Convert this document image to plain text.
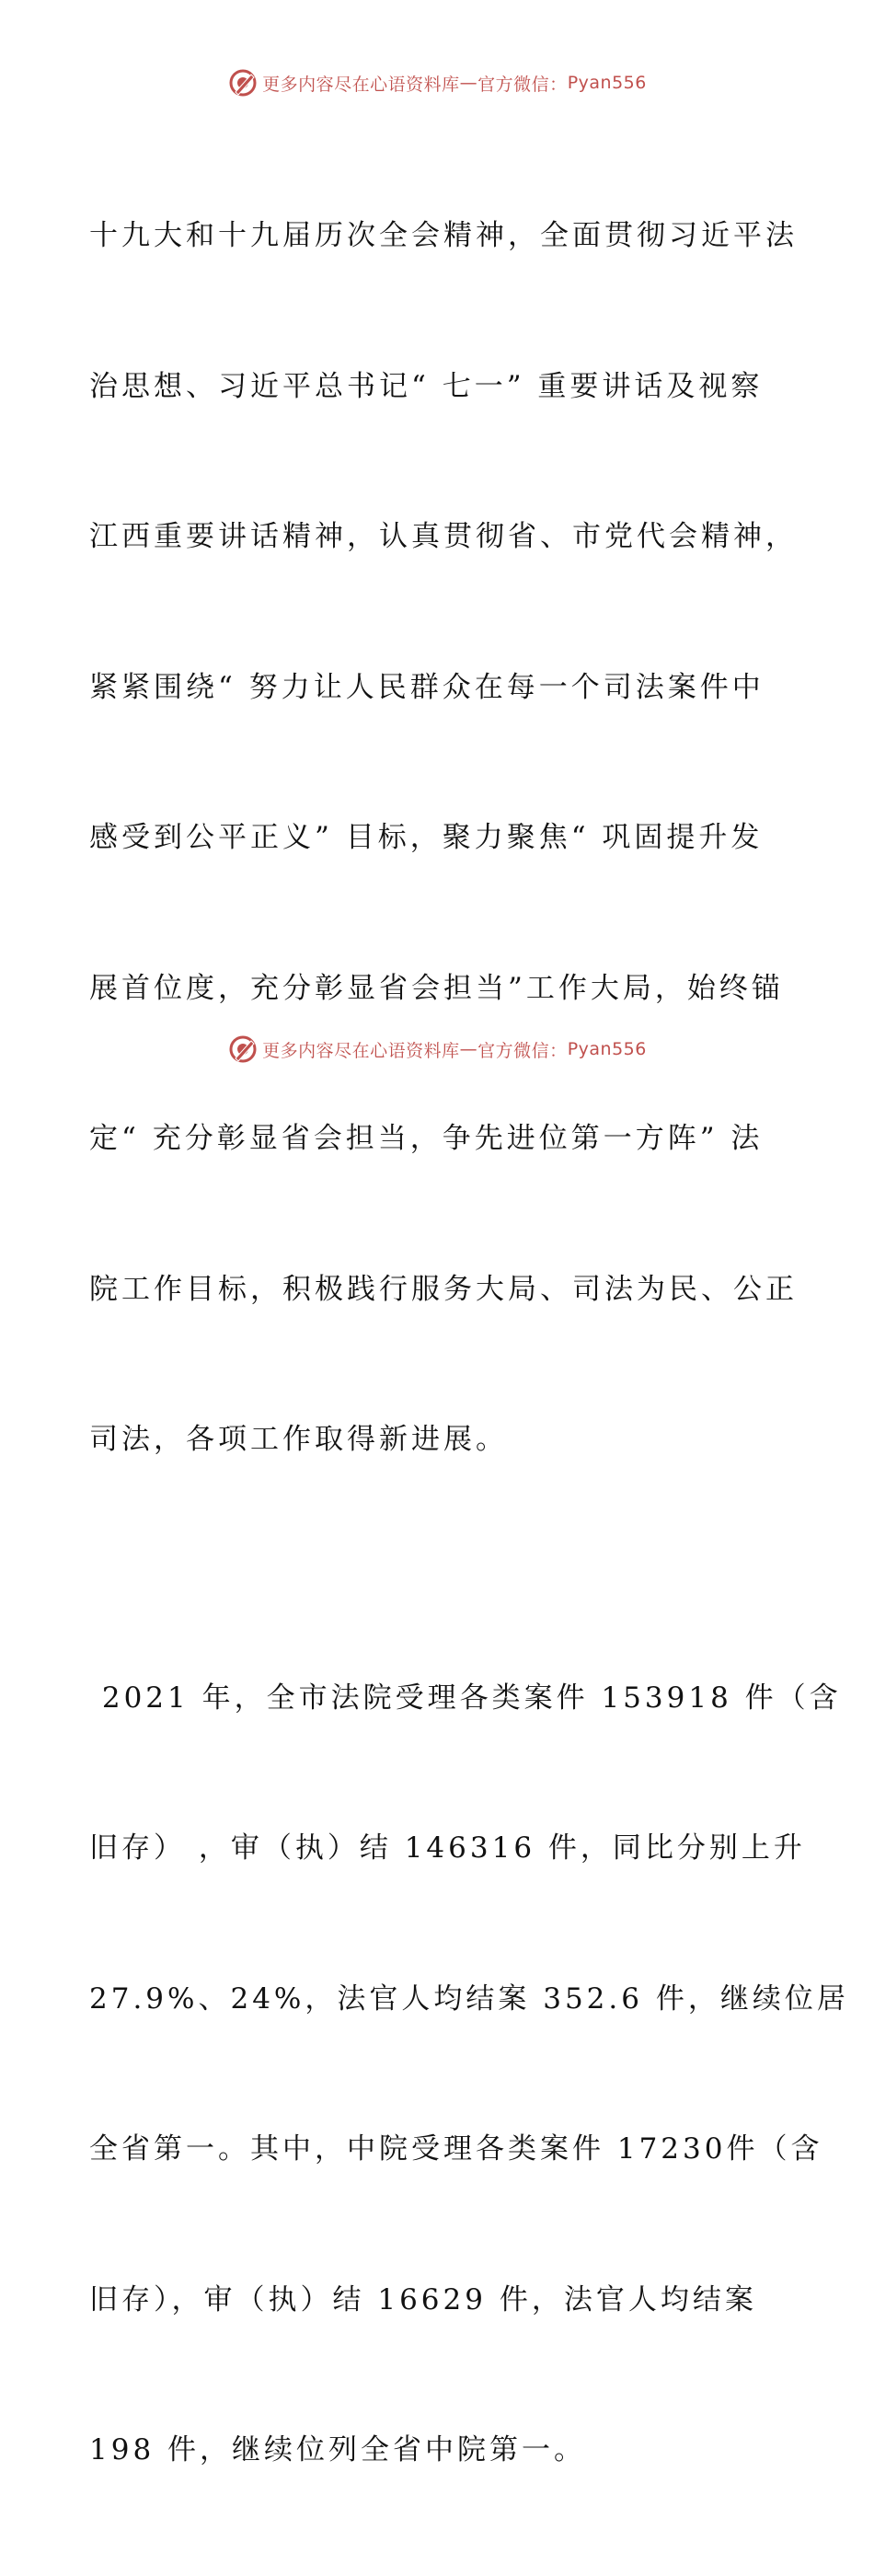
更多内容尽在心语资料库 — 官方微信： Pyan556

十九大和十九届历次全会精神，全面贯彻习近平法

治思想、习近平总书记“ 七一” 重要讲话及视察

江西重要讲话精神，认真贯彻省、市党代会精神，

紧紧围绕“ 努力让人民群众在每一个司法案件中

感受到公平正义” 目标，聚力聚焦“ 巩固提升发

展首位度，充分彰显省会担当”工作大局，始终锚

定“ 充分彰显省会担当，争先进位第一方阵” 法

院工作目标，积极践行服务大局、司法为民、公正

司法，各项工作取得新进展。

2021 年，全市法院受理各类案件 153918 件（含

旧存） ，审（执）结 146316 件，同比分别上升

27.9%、24%，法官人均结案 352.6 件，继续位居

全省第一。其中，中院受理各类案件 17230件（含

旧存），审（执）结 16629 件，法官人均结案

198 件，继续位列全省中院第一。

更多内容尽在心语资料库 — 官方微信： Pyan556
